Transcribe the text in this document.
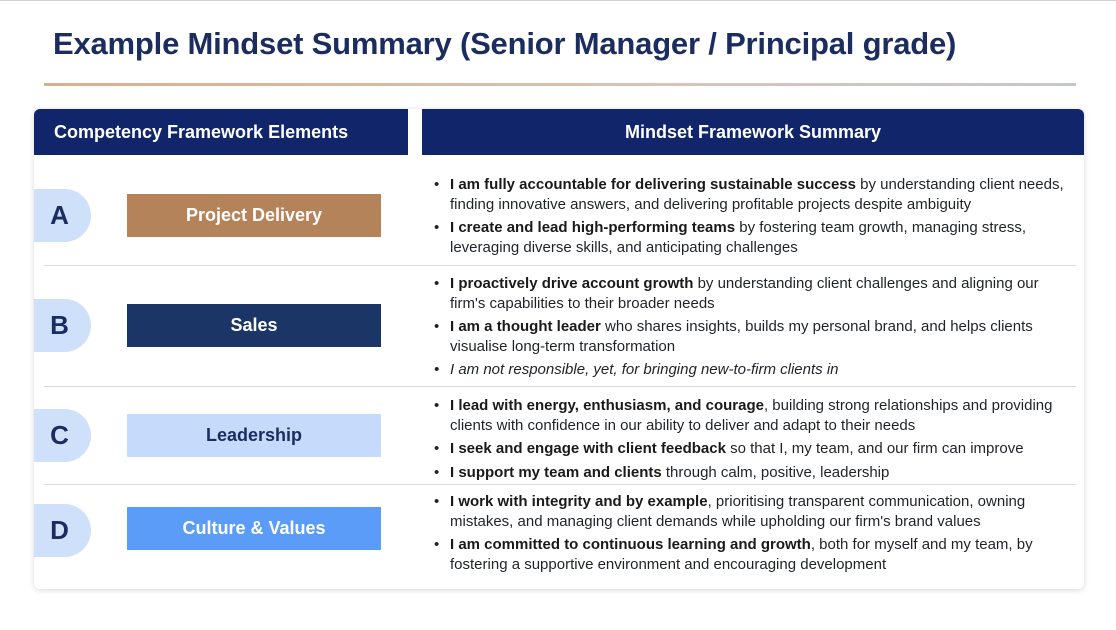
Example Mindset Summary (Senior Manager / Principal grade)
Competency Framework Elements	Mindset Framework Summary
A	Project Delivery
• I am fully accountable for delivering sustainable success by understanding client needs, finding innovative answers, and delivering profitable projects despite ambiguity
• I create and lead high-performing teams by fostering team growth, managing stress, leveraging diverse skills, and anticipating challenges
B	Sales
• I proactively drive account growth by understanding client challenges and aligning our firm's capabilities to their broader needs
• I am a thought leader who shares insights, builds my personal brand, and helps clients visualise long-term transformation
• I am not responsible, yet, for bringing new-to-firm clients in
C	Leadership
• I lead with energy, enthusiasm, and courage, building strong relationships and providing clients with confidence in our ability to deliver and adapt to their needs
• I seek and engage with client feedback so that I, my team, and our firm can improve
• I support my team and clients through calm, positive, leadership
D	Culture & Values
• I work with integrity and by example, prioritising transparent communication, owning mistakes, and managing client demands while upholding our firm's brand values
• I am committed to continuous learning and growth, both for myself and my team, by fostering a supportive environment and encouraging development
